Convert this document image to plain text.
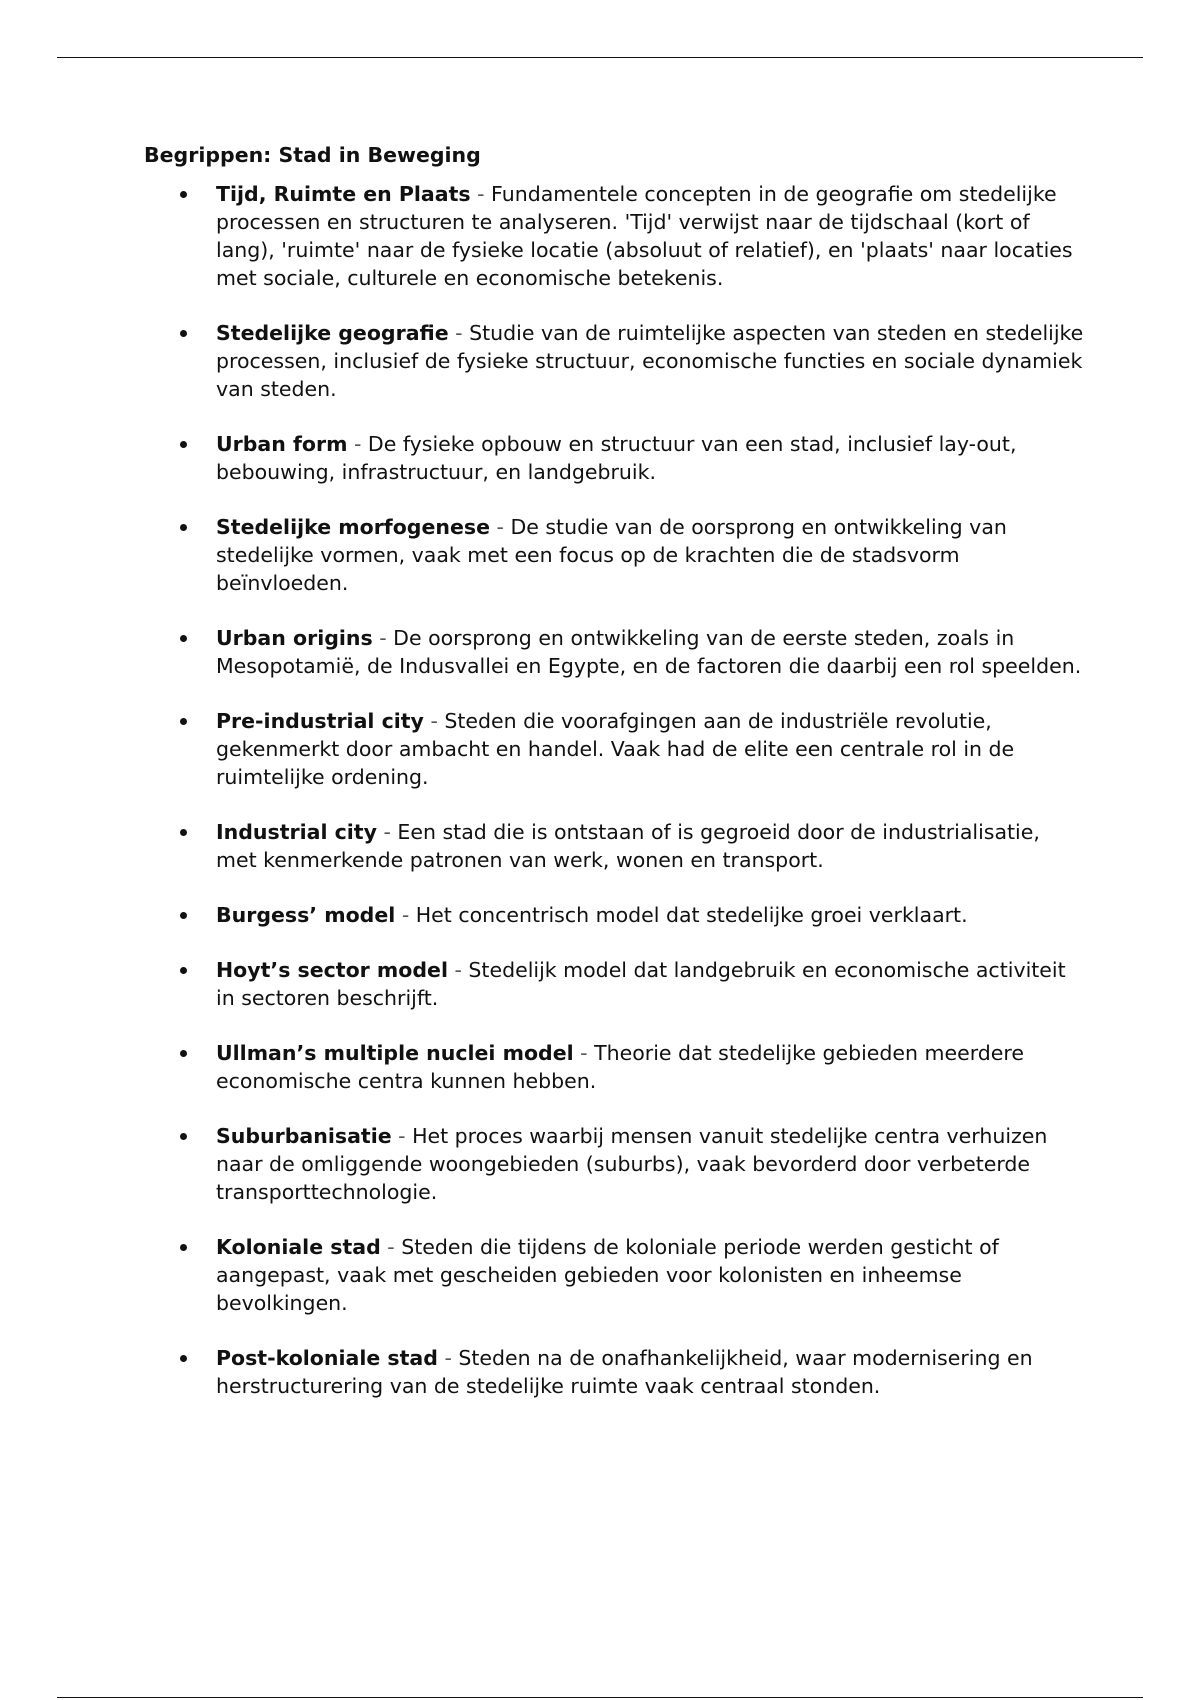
Begrippen: Stad in Beweging
Tijd, Ruimte en Plaats - Fundamentele concepten in de geografie om stedelijke processen en structuren te analyseren. 'Tijd' verwijst naar de tijdschaal (kort of lang), 'ruimte' naar de fysieke locatie (absoluut of relatief), en 'plaats' naar locaties met sociale, culturele en economische betekenis.
Stedelijke geografie - Studie van de ruimtelijke aspecten van steden en stedelijke processen, inclusief de fysieke structuur, economische functies en sociale dynamiek van steden.
Urban form - De fysieke opbouw en structuur van een stad, inclusief lay-out, bebouwing, infrastructuur, en landgebruik.
Stedelijke morfogenese - De studie van de oorsprong en ontwikkeling van stedelijke vormen, vaak met een focus op de krachten die de stadsvorm beïnvloeden.
Urban origins - De oorsprong en ontwikkeling van de eerste steden, zoals in Mesopotamië, de Indusvallei en Egypte, en de factoren die daarbij een rol speelden.
Pre-industrial city - Steden die voorafgingen aan de industriële revolutie, gekenmerkt door ambacht en handel. Vaak had de elite een centrale rol in de ruimtelijke ordening.
Industrial city - Een stad die is ontstaan of is gegroeid door de industrialisatie, met kenmerkende patronen van werk, wonen en transport.
Burgess’ model - Het concentrisch model dat stedelijke groei verklaart.
Hoyt’s sector model - Stedelijk model dat landgebruik en economische activiteit in sectoren beschrijft.
Ullman’s multiple nuclei model - Theorie dat stedelijke gebieden meerdere economische centra kunnen hebben.
Suburbanisatie - Het proces waarbij mensen vanuit stedelijke centra verhuizen naar de omliggende woongebieden (suburbs), vaak bevorderd door verbeterde transporttechnologie.
Koloniale stad - Steden die tijdens de koloniale periode werden gesticht of aangepast, vaak met gescheiden gebieden voor kolonisten en inheemse bevolkingen.
Post-koloniale stad - Steden na de onafhankelijkheid, waar modernisering en herstructurering van de stedelijke ruimte vaak centraal stonden.
